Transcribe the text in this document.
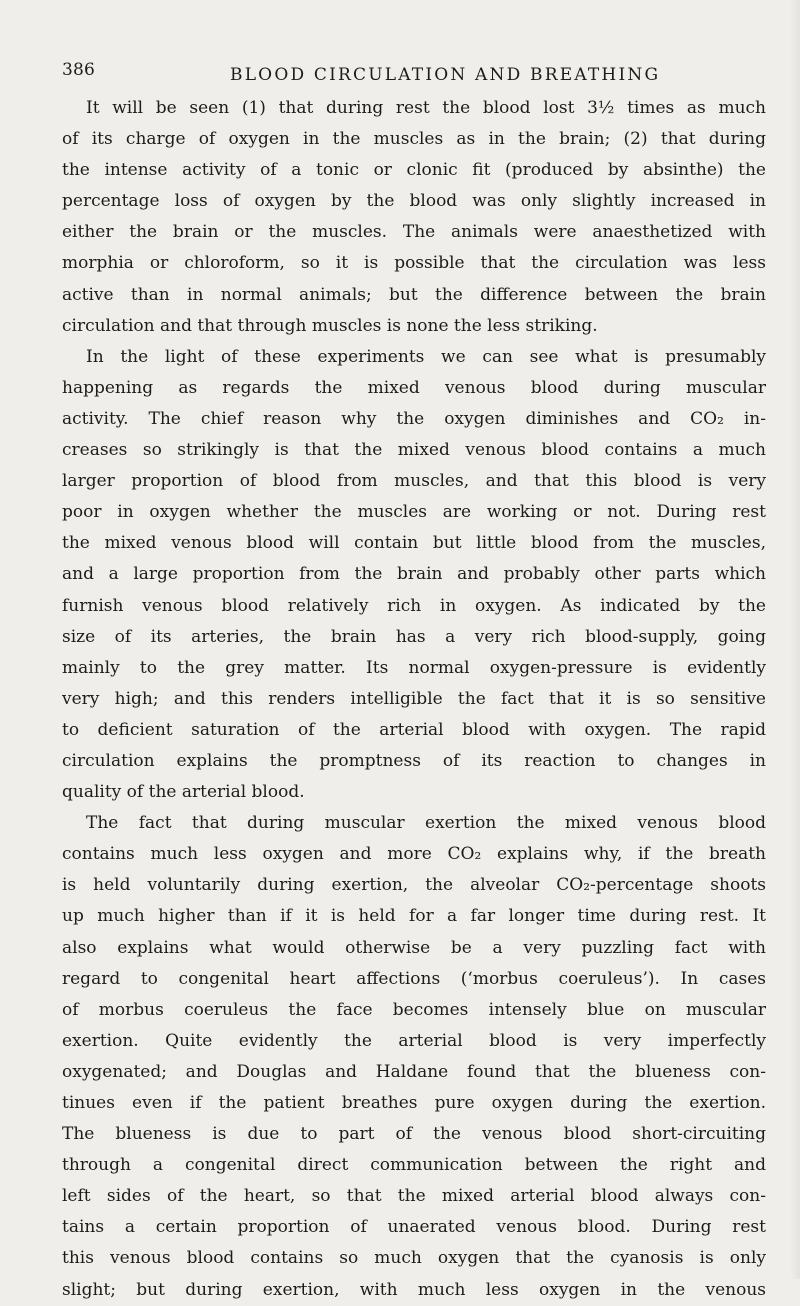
386	BLOOD CIRCULATION AND BREATHING
It will be seen (1) that during rest the blood lost 3½ times as much
of its charge of oxygen in the muscles as in the brain; (2) that during
the intense activity of a tonic or clonic fit (produced by absinthe) the
percentage loss of oxygen by the blood was only slightly increased in
either the brain or the muscles. The animals were anaesthetized with
morphia or chloroform, so it is possible that the circulation was less
active than in normal animals; but the difference between the brain
circulation and that through muscles is none the less striking.
In the light of these experiments we can see what is presumably
happening as regards the mixed venous blood during muscular
activity. The chief reason why the oxygen diminishes and CO₂ in-
creases so strikingly is that the mixed venous blood contains a much
larger proportion of blood from muscles, and that this blood is very
poor in oxygen whether the muscles are working or not. During rest
the mixed venous blood will contain but little blood from the muscles,
and a large proportion from the brain and probably other parts which
furnish venous blood relatively rich in oxygen. As indicated by the
size of its arteries, the brain has a very rich blood-supply, going
mainly to the grey matter. Its normal oxygen-pressure is evidently
very high; and this renders intelligible the fact that it is so sensitive
to deficient saturation of the arterial blood with oxygen. The rapid
circulation explains the promptness of its reaction to changes in
quality of the arterial blood.
The fact that during muscular exertion the mixed venous blood
contains much less oxygen and more CO₂ explains why, if the breath
is held voluntarily during exertion, the alveolar CO₂-percentage shoots
up much higher than if it is held for a far longer time during rest. It
also explains what would otherwise be a very puzzling fact with
regard to congenital heart affections (‘morbus coeruleus’). In cases
of morbus coeruleus the face becomes intensely blue on muscular
exertion. Quite evidently the arterial blood is very imperfectly
oxygenated; and Douglas and Haldane found that the blueness con-
tinues even if the patient breathes pure oxygen during the exertion.
The blueness is due to part of the venous blood short-circuiting
through a congenital direct communication between the right and
left sides of the heart, so that the mixed arterial blood always con-
tains a certain proportion of unaerated venous blood. During rest
this venous blood contains so much oxygen that the cyanosis is only
slight; but during exertion, with much less oxygen in the venous
